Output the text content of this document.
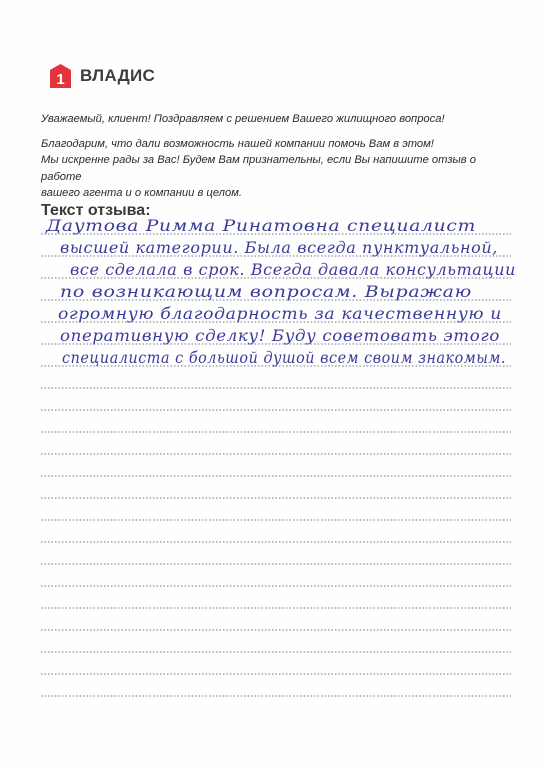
1 ВЛАДИС

Уважаемый, клиент! Поздравляем с решением Вашего жилищного вопроса!

Благодарим, что дали возможность нашей компании помочь Вам в этом!

Мы искренне рады за Вас! Будем Вам признательны, если Вы напишите отзыв о работе

вашего агента и о компании в целом.

Текст отзыва:
Даутова Римма Ринатовна специалист
высшей категории. Была всегда пунктуальной,
все сделала в срок. Всегда давала консультации
по возникающим вопросам. Выражаю
огромную благодарность за качественную и
оперативную сделку! Буду советовать этого
специалиста с большой душой всем своим знакомым.
